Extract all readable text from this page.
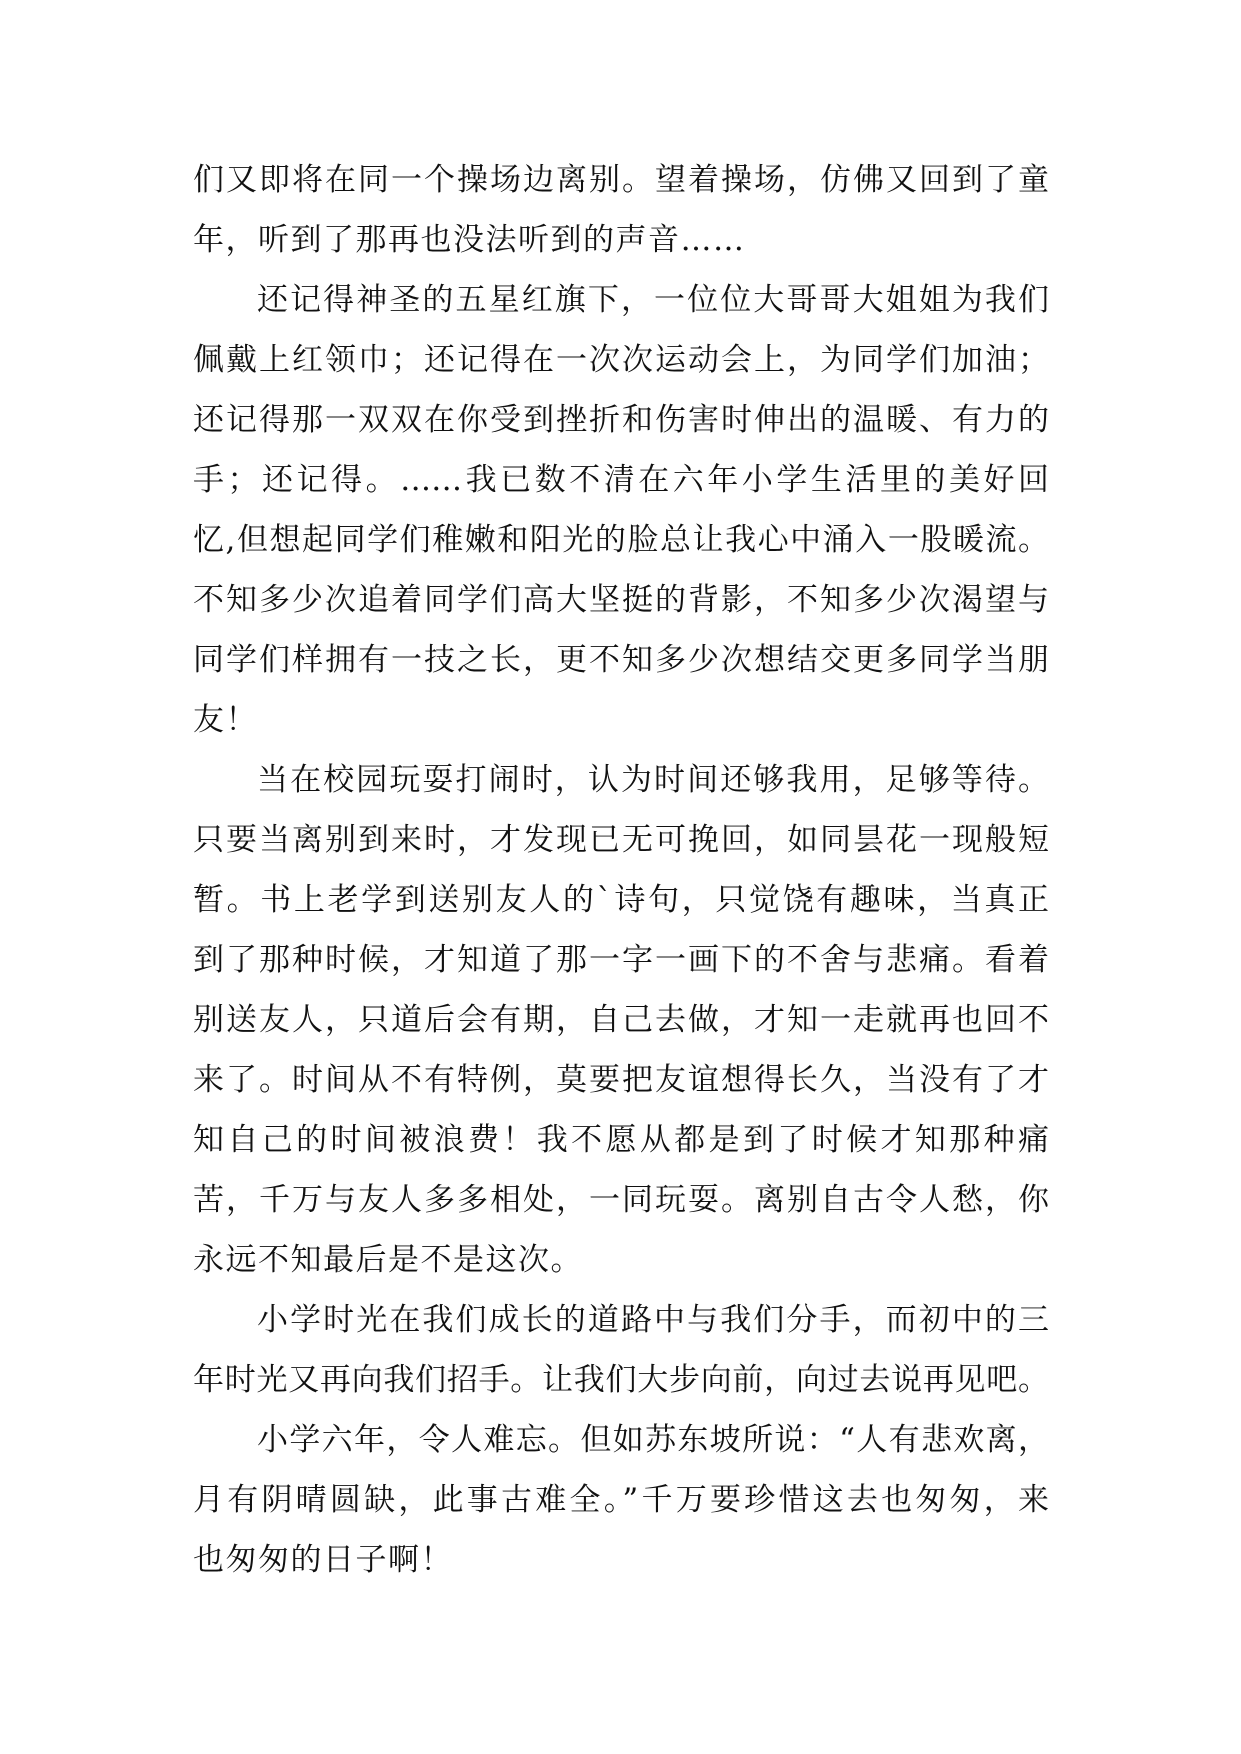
们又即将在同一个操场边离别。望着操场，仿佛又回到了童
年，听到了那再也没法听到的声音……
还记得神圣的五星红旗下，一位位大哥哥大姐姐为我们
佩戴上红领巾；还记得在一次次运动会上，为同学们加油；
还记得那一双双在你受到挫折和伤害时伸出的温暖、有力的
手；还记得。……我已数不清在六年小学生活里的美好回
忆,但想起同学们稚嫩和阳光的脸总让我心中涌入一股暖流。
不知多少次追着同学们高大坚挺的背影，不知多少次渴望与
同学们样拥有一技之长，更不知多少次想结交更多同学当朋
友！
当在校园玩耍打闹时，认为时间还够我用，足够等待。
只要当离别到来时，才发现已无可挽回，如同昙花一现般短
暂。书上老学到送别友人的`诗句，只觉饶有趣味，当真正
到了那种时候，才知道了那一字一画下的不舍与悲痛。看着
别送友人，只道后会有期，自己去做，才知一走就再也回不
来了。时间从不有特例，莫要把友谊想得长久，当没有了才
知自己的时间被浪费！我不愿从都是到了时候才知那种痛
苦，千万与友人多多相处，一同玩耍。离别自古令人愁，你
永远不知最后是不是这次。
小学时光在我们成长的道路中与我们分手，而初中的三
年时光又再向我们招手。让我们大步向前，向过去说再见吧。
小学六年，令人难忘。但如苏东坡所说：“人有悲欢离，
月有阴晴圆缺，此事古难全。”千万要珍惜这去也匆匆，来
也匆匆的日子啊！
